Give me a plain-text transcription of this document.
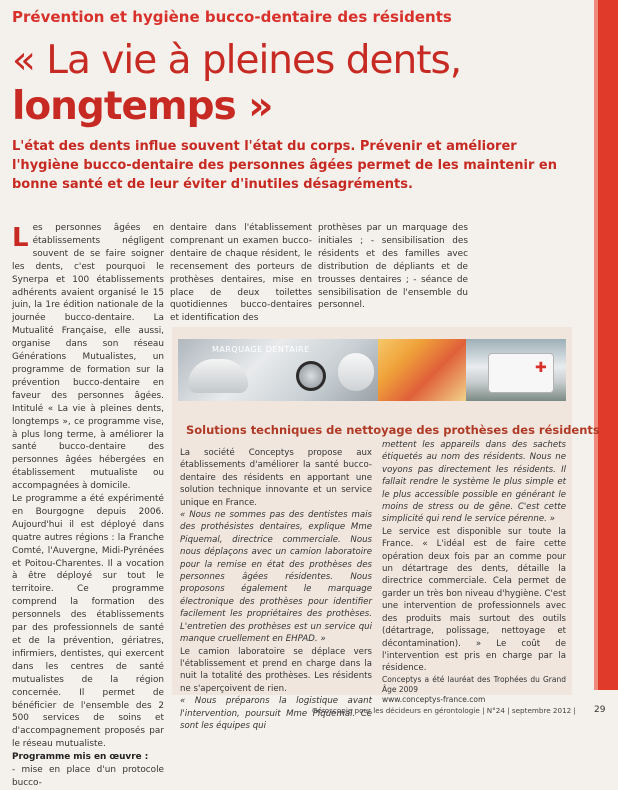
Prévention et hygiène bucco-dentaire des résidents
« La vie à pleines dents,
longtemps »
L'état des dents influe souvent l'état du corps. Prévenir et améliorer l'hygiène bucco-dentaire des personnes âgées permet de les maintenir en bonne santé et de leur éviter d'inutiles désagréments.
L es personnes âgées en établissements négligent souvent de se faire soigner les dents, c'est pourquoi le Synerpa et 100 établissements adhérents avaient organisé le 15 juin, la 1re édition nationale de la journée bucco-dentaire. La Mutualité Française, elle aussi, organise dans son réseau Générations Mutualistes, un programme de formation sur la prévention bucco-dentaire en faveur des personnes âgées. Intitulé « La vie à pleines dents, longtemps », ce programme vise, à plus long terme, à améliorer la santé bucco-dentaire des personnes âgées hébergées en établissement mutualiste ou accompagnées à domicile.

Le programme a été expérimenté en Bourgogne depuis 2006. Aujourd'hui il est déployé dans quatre autres régions : la Franche Comté, l'Auvergne, Midi-Pyrénées et Poitou-Charentes. Il a vocation à être déployé sur tout le territoire. Ce programme comprend la formation des personnels des établissements par des professionnels de santé et de la prévention, gériatres, infirmiers, dentistes, qui exercent dans les centres de santé mutualistes de la région concernée. Il permet de bénéficier de l'ensemble des 2 500 services de soins et d'accompagnement proposés par le réseau mutualiste.

Programme mis en œuvre :

- mise en place d'un protocole bucco-

dentaire dans l'établissement comprenant un examen bucco-dentaire de chaque résident, le recensement des porteurs de prothèses dentaires, mise en place de deux toilettes quotidiennes bucco-dentaires et identification des

prothèses par un marquage des initiales ; - sensibilisation des résidents et des familles avec distribution de dépliants et de trousses dentaires ; - séance de sensibilisation de l'ensemble du personnel.

MARQUAGE DENTAIRE
✚
Solutions techniques de nettoyage des prothèses des résidents

La société Conceptys propose aux établissements d'améliorer la santé bucco-dentaire des résidents en apportant une solution technique innovante et un service unique en France.

« Nous ne sommes pas des dentistes mais des prothésistes dentaires, explique Mme Piquemal, directrice commerciale. Nous nous déplaçons avec un camion laboratoire pour la remise en état des prothèses des personnes âgées résidentes. Nous proposons également le marquage électronique des prothèses pour identifier facilement les propriétaires des prothèses. L'entretien des prothèses est un service qui manque cruellement en EHPAD. »

Le camion laboratoire se déplace vers l'établissement et prend en charge dans la nuit la totalité des prothèses. Les résidents ne s'aperçoivent de rien.

« Nous préparons la logistique avant l'intervention, poursuit Mme Piquemal. Ce sont les équipes qui

mettent les appareils dans des sachets étiquetés au nom des résidents. Nous ne voyons pas directement les résidents. Il fallait rendre le système le plus simple et le plus accessible possible en générant le moins de stress ou de gêne. C'est cette simplicité qui rend le service pérenne. »

Le service est disponible sur toute la France. « L'idéal est de faire cette opération deux fois par an comme pour un détartrage des dents, détaille la directrice commerciale. Cela permet de garder un très bon niveau d'hygiène. C'est une intervention de professionnels avec des produits mais surtout des outils (détartrage, polissage, nettoyage et décontamination). » Le coût de l'intervention est pris en charge par la résidence.

Conceptys a été lauréat des Trophées du Grand Âge 2009

www.conceptys-france.com

Géroscopie pour les décideurs en gérontologie | N°24 | septembre 2012 | 29
